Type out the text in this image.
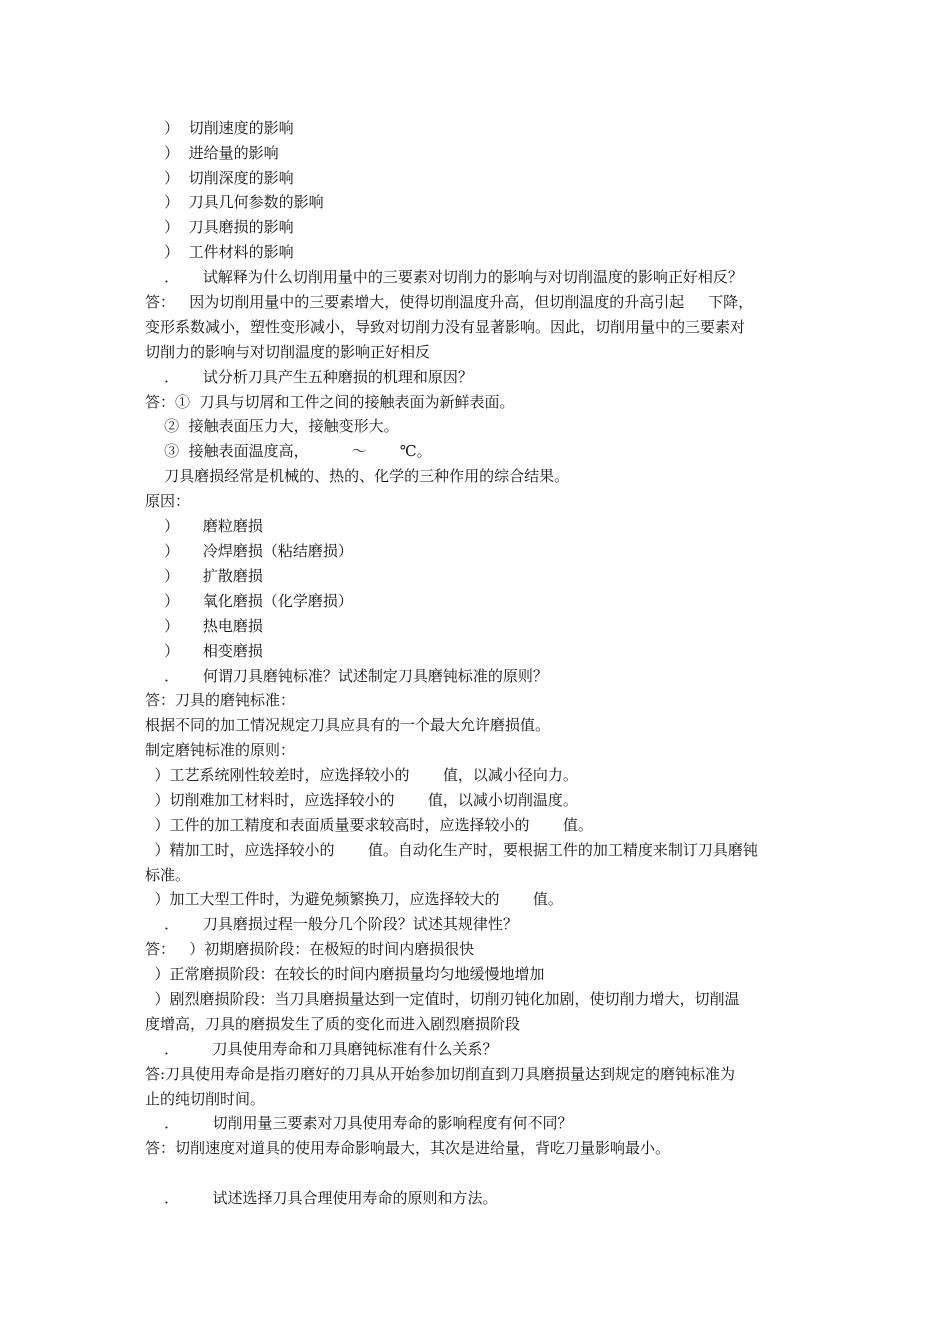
）  切削速度的影响
）  进给量的影响
）  切削深度的影响
）  刀具几何参数的影响
）  刀具磨损的影响
）  工件材料的影响
．     试解释为什么切削用量中的三要素对切削力的影响与对切削温度的影响正好相反？
答：   因为切削用量中的三要素增大，使得切削温度升高，但切削温度的升高引起     下降，
变形系数减小，塑性变形减小，导致对切削力没有显著影响。因此，切削用量中的三要素对
切削力的影响与对切削温度的影响正好相反
．     试分析刀具产生五种磨损的机理和原因？
答：①  刀具与切屑和工件之间的接触表面为新鲜表面。
②  接触表面压力大，接触变形大。
③  接触表面温度高，         ～       ℃。
刀具磨损经常是机械的、热的、化学的三种作用的综合结果。
原因：
）     磨粒磨损
）     冷焊磨损（粘结磨损）
）     扩散磨损
）     氧化磨损（化学磨损）
）     热电磨损
）     相变磨损
．     何谓刀具磨钝标准？试述制定刀具磨钝标准的原则？
答：刀具的磨钝标准：
根据不同的加工情况规定刀具应具有的一个最大允许磨损值。
制定磨钝标准的原则：
）工艺系统刚性较差时，应选择较小的       值，以减小径向力。
）切削难加工材料时，应选择较小的       值，以减小切削温度。
）工件的加工精度和表面质量要求较高时，应选择较小的       值。
）精加工时，应选择较小的       值。自动化生产时，要根据工件的加工精度来制订刀具磨钝
标准。
）加工大型工件时，为避免频繁换刀，应选择较大的       值。
．     刀具磨损过程一般分几个阶段？试述其规律性？
答：   ）初期磨损阶段：在极短的时间内磨损很快
）正常磨损阶段：在较长的时间内磨损量均匀地缓慢地增加
）剧烈磨损阶段：当刀具磨损量达到一定值时，切削刃钝化加剧，使切削力增大，切削温
度增高，刀具的磨损发生了质的变化而进入剧烈磨损阶段
．       刀具使用寿命和刀具磨钝标准有什么关系？
答:刀具使用寿命是指刃磨好的刀具从开始参加切削直到刀具磨损量达到规定的磨钝标准为
止的纯切削时间。
．       切削用量三要素对刀具使用寿命的影响程度有何不同？
答：切削速度对道具的使用寿命影响最大，其次是进给量，背吃刀量影响最小。
．       试述选择刀具合理使用寿命的原则和方法。
